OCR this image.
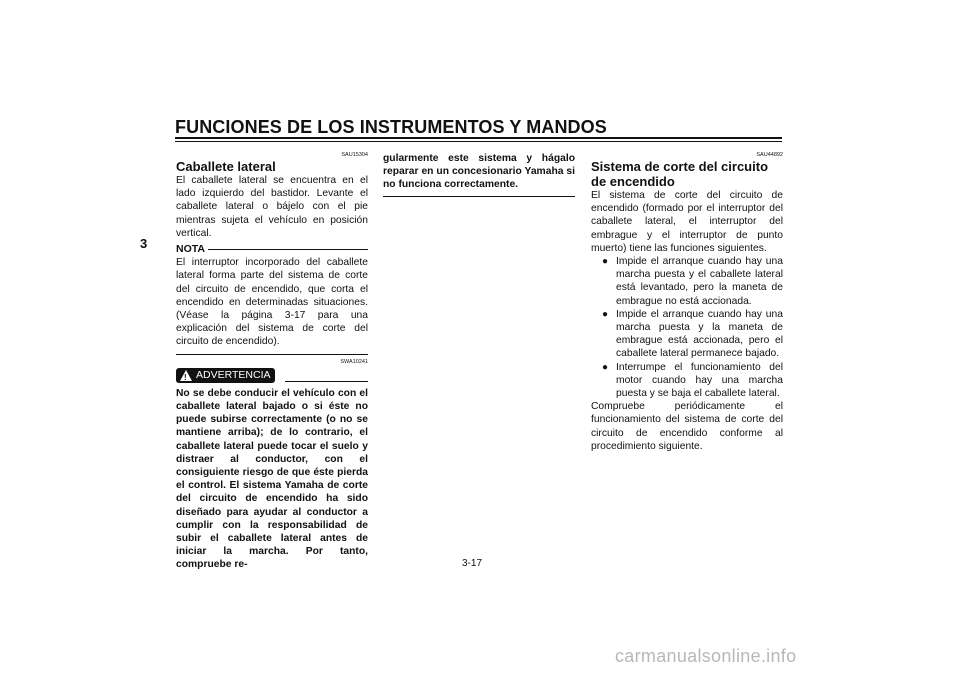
FUNCIONES DE LOS INSTRUMENTOS Y MANDOS
3
SAU15304
Caballete lateral
El caballete lateral se encuentra en el lado izquierdo del bastidor. Levante el caballete lateral o bájelo con el pie mientras sujeta el vehículo en posición vertical.
NOTA
El interruptor incorporado del caballete lateral forma parte del sistema de corte del circuito de encendido, que corta el encendido en determinadas situaciones. (Véase la página 3-17 para una explicación del sistema de corte del circuito de encendido).
SWA10241
! ADVERTENCIA
No se debe conducir el vehículo con el caballete lateral bajado o si éste no puede subirse correctamente (o no se mantiene arriba); de lo contrario, el caballete lateral puede tocar el suelo y distraer al conductor, con el consiguiente riesgo de que éste pierda el control. El sistema Yamaha de corte del circuito de encendido ha sido diseñado para ayudar al conductor a cumplir con la responsabilidad de subir el caballete lateral antes de iniciar la marcha. Por tanto, compruebe re-
gularmente este sistema y hágalo reparar en un concesionario Yamaha si no funciona correctamente.
SAU44892
Sistema de corte del circuito de encendido
El sistema de corte del circuito de encendido (formado por el interruptor del caballete lateral, el interruptor del embrague y el interruptor de punto muerto) tiene las funciones siguientes.
● Impide el arranque cuando hay una marcha puesta y el caballete lateral está levantado, pero la maneta de embrague no está accionada.
● Impide el arranque cuando hay una marcha puesta y la maneta de embrague está accionada, pero el caballete lateral permanece bajado.
● Interrumpe el funcionamiento del motor cuando hay una marcha puesta y se baja el caballete lateral.
Compruebe periódicamente el funcionamiento del sistema de corte del circuito de encendido conforme al procedimiento siguiente.
3-17
carmanualsonline.info
